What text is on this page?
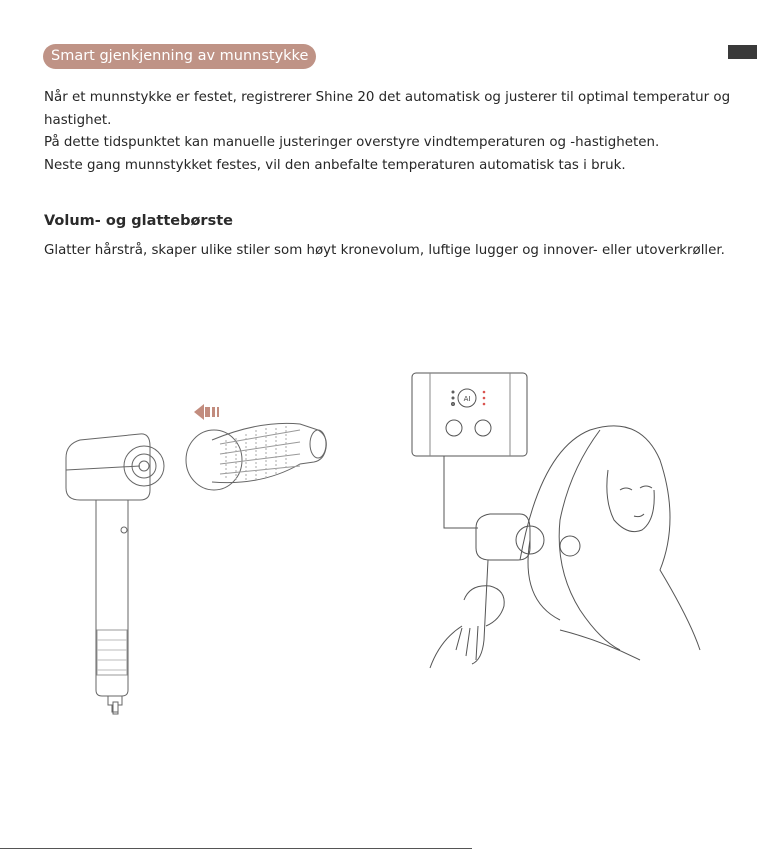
Smart gjenkjenning av munnstykke

Når et munnstykke er festet, registrerer Shine 20 det automatisk og justerer til optimal temperatur og hastighet.

På dette tidspunktet kan manuelle justeringer overstyre vindtemperaturen og -hastigheten.

Neste gang munnstykket festes, vil den anbefalte temperaturen automatisk tas i bruk.

Volum- og glattebørste

Glatter hårstrå, skaper ulike stiler som høyt kronevolum, luftige lugger og innover- eller utoverkrøller.

AI
